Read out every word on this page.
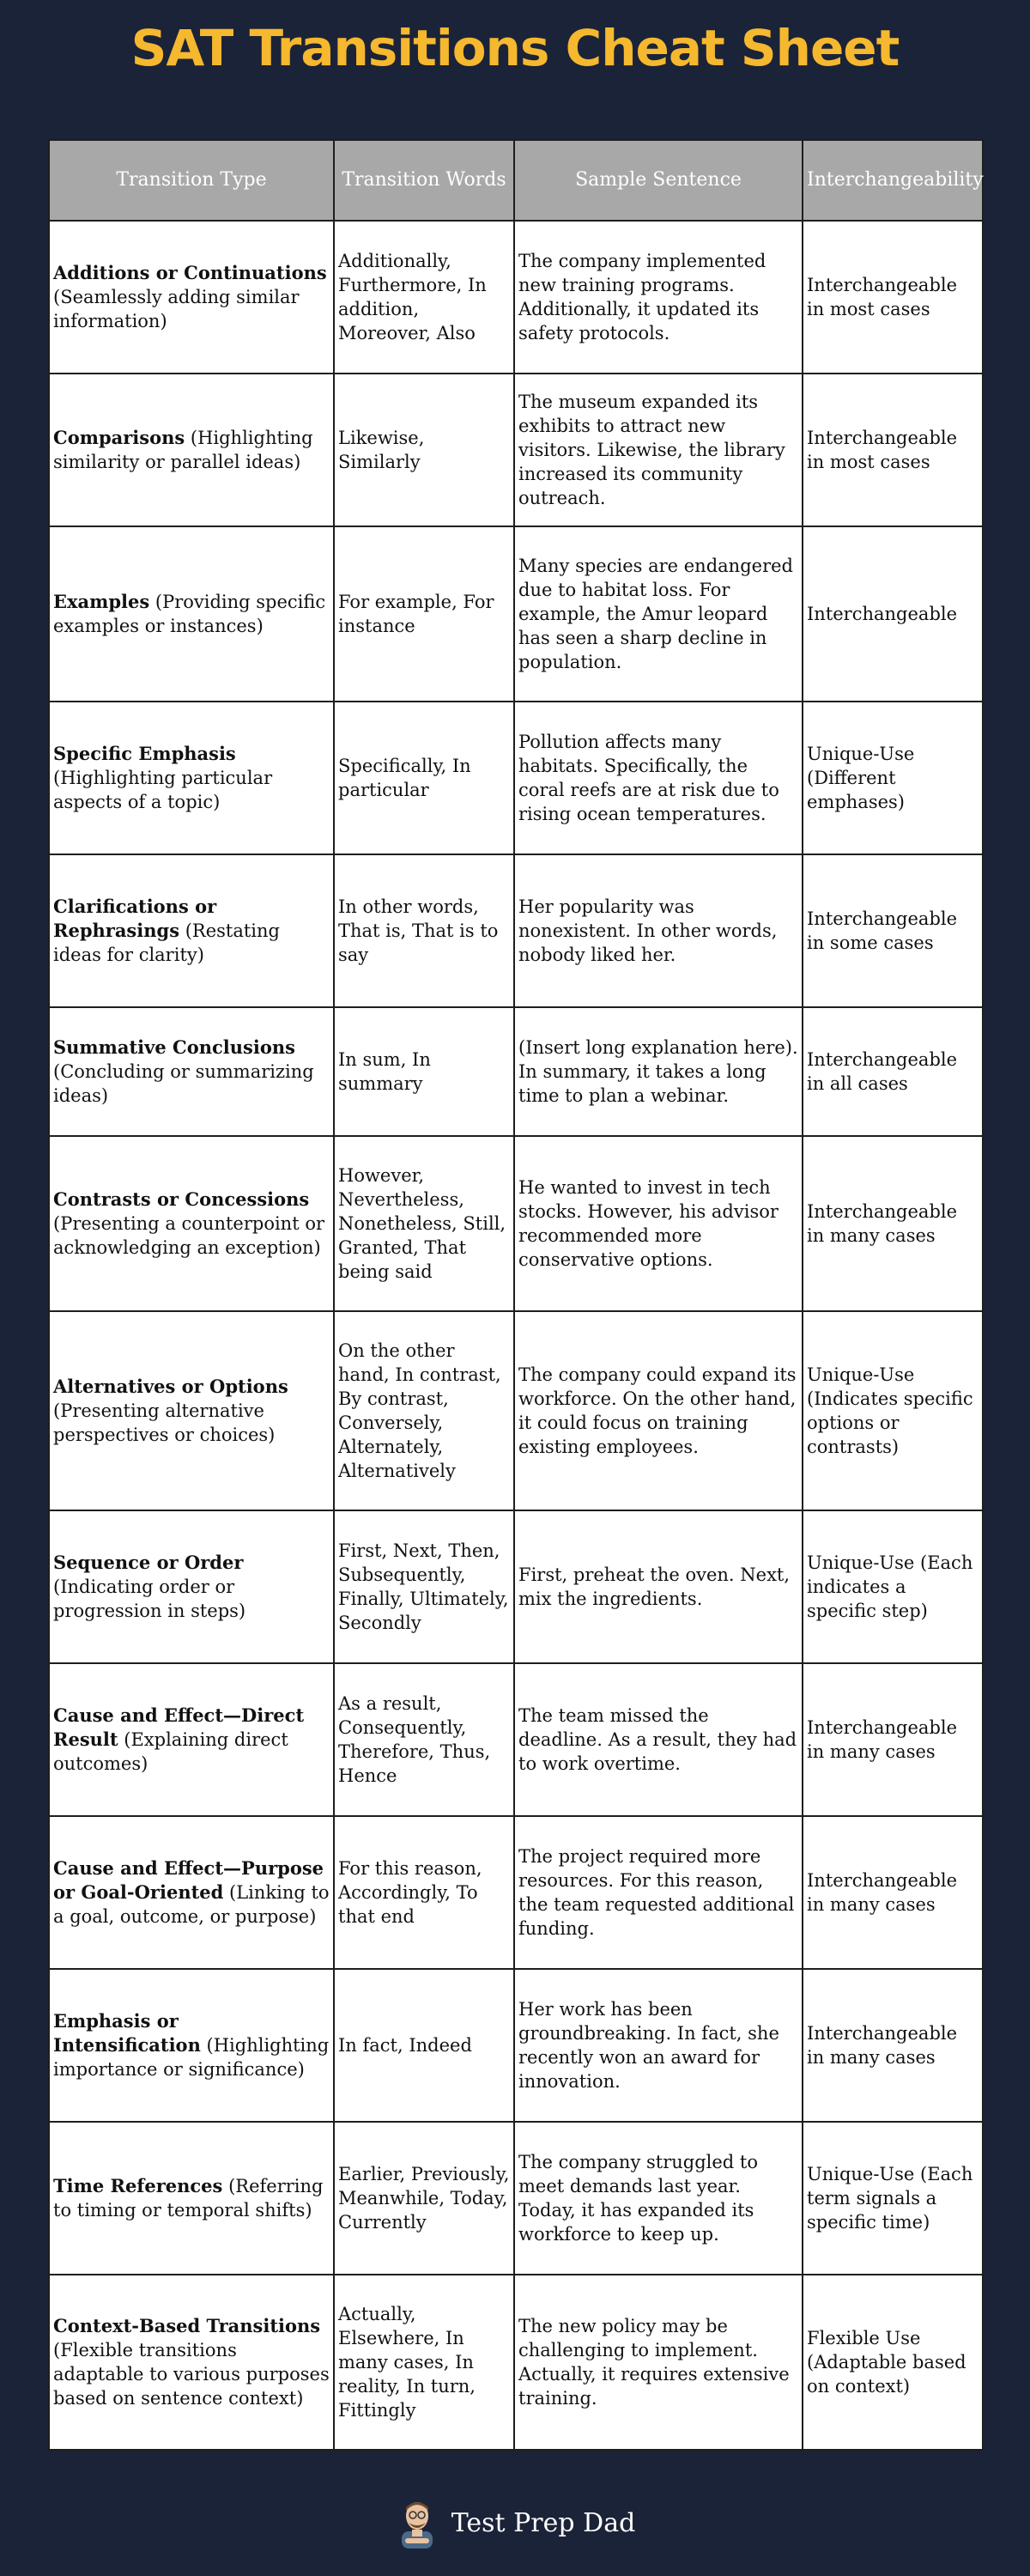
SAT Transitions Cheat Sheet
Transition Type	Transition Words	Sample Sentence	Interchangeability
Additions or Continuations (Seamlessly adding similar information)	Additionally, Furthermore, In addition, Moreover, Also	The company implemented new training programs. Additionally, it updated its safety protocols.	Interchangeable in most cases
Comparisons (Highlighting similarity or parallel ideas)	Likewise, Similarly	The museum expanded its exhibits to attract new visitors. Likewise, the library increased its community outreach.	Interchangeable in most cases
Examples (Providing specific examples or instances)	For example, For instance	Many species are endangered due to habitat loss. For example, the Amur leopard has seen a sharp decline in population.	Interchangeable
Specific Emphasis (Highlighting particular aspects of a topic)	Specifically, In particular	Pollution affects many habitats. Specifically, the coral reefs are at risk due to rising ocean temperatures.	Unique-Use (Different emphases)
Clarifications or Rephrasings (Restating ideas for clarity)	In other words, That is, That is to say	Her popularity was nonexistent. In other words, nobody liked her.	Interchangeable in some cases
Summative Conclusions (Concluding or summarizing ideas)	In sum, In summary	(Insert long explanation here). In summary, it takes a long time to plan a webinar.	Interchangeable in all cases
Contrasts or Concessions (Presenting a counterpoint or acknowledging an exception)	However, Nevertheless, Nonetheless, Still, Granted, That being said	He wanted to invest in tech stocks. However, his advisor recommended more conservative options.	Interchangeable in many cases
Alternatives or Options (Presenting alternative perspectives or choices)	On the other hand, In contrast, By contrast, Conversely, Alternately, Alternatively	The company could expand its workforce. On the other hand, it could focus on training existing employees.	Unique-Use (Indicates specific options or contrasts)
Sequence or Order (Indicating order or progression in steps)	First, Next, Then, Subsequently, Finally, Ultimately, Secondly	First, preheat the oven. Next, mix the ingredients.	Unique-Use (Each indicates a specific step)
Cause and Effect—Direct Result (Explaining direct outcomes)	As a result, Consequently, Therefore, Thus, Hence	The team missed the deadline. As a result, they had to work overtime.	Interchangeable in many cases
Cause and Effect—Purpose or Goal-Oriented (Linking to a goal, outcome, or purpose)	For this reason, Accordingly, To that end	The project required more resources. For this reason, the team requested additional funding.	Interchangeable in many cases
Emphasis or Intensification (Highlighting importance or significance)	In fact, Indeed	Her work has been groundbreaking. In fact, she recently won an award for innovation.	Interchangeable in many cases
Time References (Referring to timing or temporal shifts)	Earlier, Previously, Meanwhile, Today, Currently	The company struggled to meet demands last year. Today, it has expanded its workforce to keep up.	Unique-Use (Each term signals a specific time)
Context-Based Transitions (Flexible transitions adaptable to various purposes based on sentence context)	Actually, Elsewhere, In many cases, In reality, In turn, Fittingly	The new policy may be challenging to implement. Actually, it requires extensive training.	Flexible Use (Adaptable based on context)
Test Prep Dad
